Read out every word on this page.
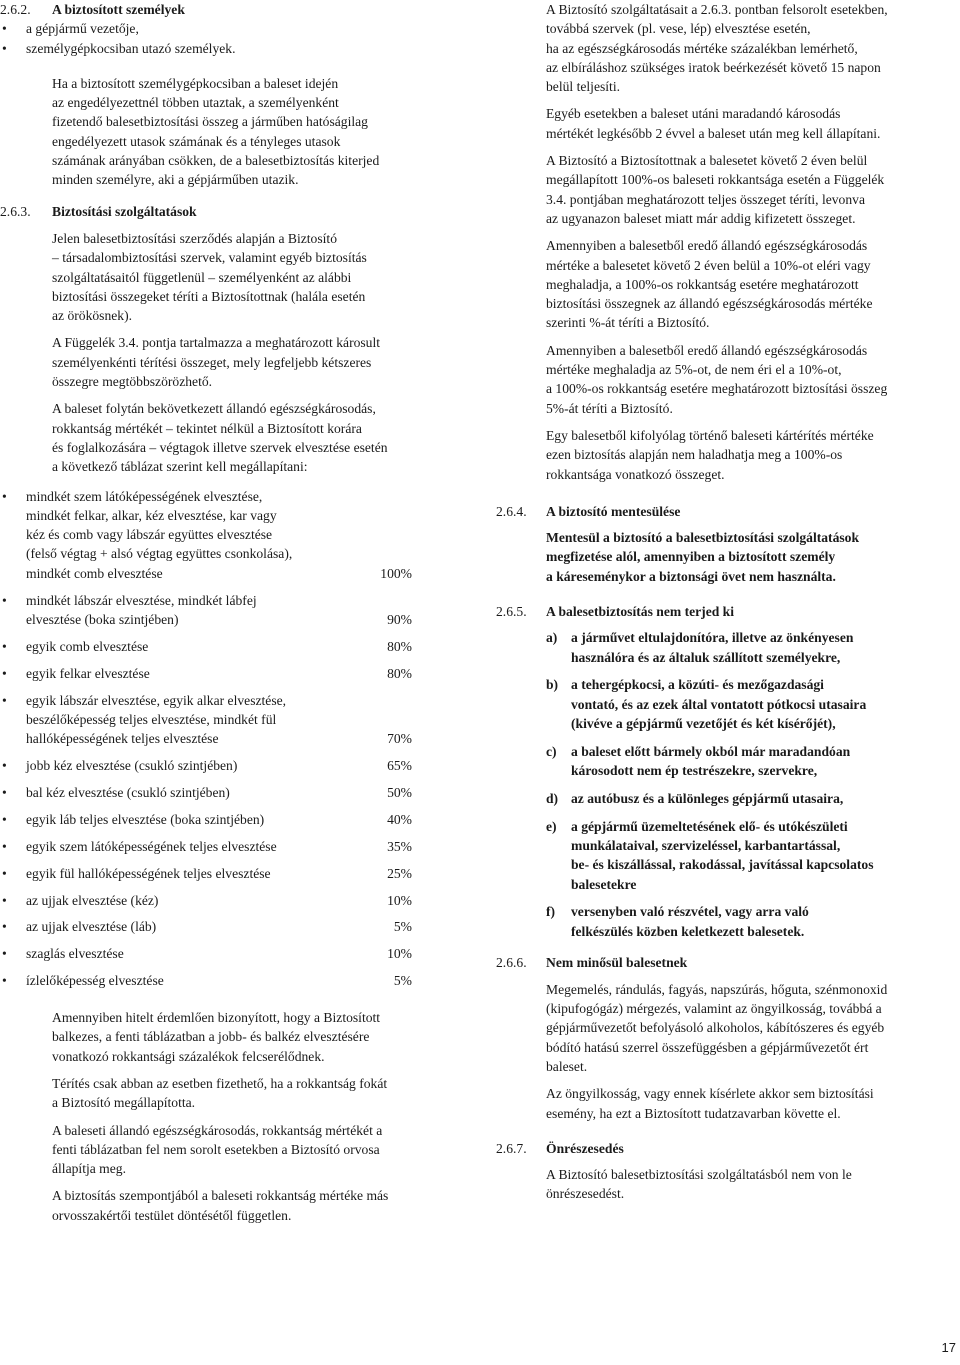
2.6.2. A biztosított személyek

• a gépjármű vezetője,
• személygépkocsiban utazó személyek.

Ha a biztosított személygépkocsiban a baleset idején
az engedélyezettnél többen utaztak, a személyenként
fizetendő balesetbiztosítási összeg a járműben hatóságilag
engedélyezett utasok számának és a tényleges utasok
számának arányában csökken, de a balesetbiztosítás kiterjed
minden személyre, aki a gépjárműben utazik.

2.6.3. Biztosítási szolgáltatások

Jelen balesetbiztosítási szerződés alapján a Biztosító
– társadalombiztosítási szervek, valamint egyéb biztosítás
szolgáltatásaitól függetlenül – személyenként az alábbi
biztosítási összegeket téríti a Biztosítottnak (halála esetén
az örökösnek).

A Függelék 3.4. pontja tartalmazza a meghatározott károsult
személyenkénti térítési összeget, mely legfeljebb kétszeres
összegre megtöbbszörözhető.

A baleset folytán bekövetkezett állandó egészségkárosodás,
rokkantság mértékét – tekintet nélkül a Biztosított korára
és foglalkozására – végtagok illetve szervek elvesztése esetén
a következő táblázat szerint kell megállapítani:

• mindkét szem látóképességének elvesztése,
mindkét felkar, alkar, kéz elvesztése, kar vagy
kéz és comb vagy lábszár együttes elvesztése
(felső végtag + alsó végtag együttes csonkolása),
mindkét comb elvesztése	100%
• mindkét lábszár elvesztése, mindkét lábfej
elvesztése (boka szintjében)	90%
• egyik comb elvesztése	80%
• egyik felkar elvesztése	80%
• egyik lábszár elvesztése, egyik alkar elvesztése,
beszélőképesség teljes elvesztése, mindkét fül
hallóképességének teljes elvesztése	70%
• jobb kéz elvesztése (csukló szintjében)	65%
• bal kéz elvesztése (csukló szintjében)	50%
• egyik láb teljes elvesztése (boka szintjében)	40%
• egyik szem látóképességének teljes elvesztése	35%
• egyik fül hallóképességének teljes elvesztése	25%
• az ujjak elvesztése (kéz)	10%
• az ujjak elvesztése (láb)	5%
• szaglás elvesztése	10%
• ízlelőképesség elvesztése	5%

Amennyiben hitelt érdemlően bizonyított, hogy a Biztosított
balkezes, a fenti táblázatban a jobb- és balkéz elvesztésére
vonatkozó rokkantsági százalékok felcserélődnek.

Térítés csak abban az esetben fizethető, ha a rokkantság fokát
a Biztosító megállapította.

A baleseti állandó egészségkárosodás, rokkantság mértékét a
fenti táblázatban fel nem sorolt esetekben a Biztosító orvosa
állapítja meg.

A biztosítás szempontjából a baleseti rokkantság mértéke más
orvosszakértői testület döntésétől független.

A Biztosító szolgáltatásait a 2.6.3. pontban felsorolt esetekben,
továbbá szervek (pl. vese, lép) elvesztése esetén,
ha az egészségkárosodás mértéke százalékban lemérhető,
az elbíráláshoz szükséges iratok beérkezését követő 15 napon
belül teljesíti.

Egyéb esetekben a baleset utáni maradandó károsodás
mértékét legkésőbb 2 évvel a baleset után meg kell állapítani.

A Biztosító a Biztosítottnak a balesetet követő 2 éven belül
megállapított 100%-os baleseti rokkantsága esetén a Függelék
3.4. pontjában meghatározott teljes összeget téríti, levonva
az ugyanazon baleset miatt már addig kifizetett összeget.

Amennyiben a balesetből eredő állandó egészségkárosodás
mértéke a balesetet követő 2 éven belül a 10%-ot eléri vagy
meghaladja, a 100%-os rokkantság esetére meghatározott
biztosítási összegnek az állandó egészségkárosodás mértéke
szerinti %-át téríti a Biztosító.

Amennyiben a balesetből eredő állandó egészségkárosodás
mértéke meghaladja az 5%-ot, de nem éri el a 10%-ot,
a 100%-os rokkantság esetére meghatározott biztosítási összeg
5%-át téríti a Biztosító.

Egy balesetből kifolyólag történő baleseti kártérítés mértéke
ezen biztosítás alapján nem haladhatja meg a 100%-os
rokkantsága vonatkozó összeget.

2.6.4. A biztosító mentesülése

Mentesül a biztosító a balesetbiztosítási szolgáltatások
megfizetése alól, amennyiben a biztosított személy
a káreseménykor a biztonsági övet nem használta.

2.6.5. A balesetbiztosítás nem terjed ki

a) a járművet eltulajdonítóra, illetve az önkényesen
használóra és az általuk szállított személyekre,
b) a tehergépkocsi, a közúti- és mezőgazdasági
vontató, és az ezek által vontatott pótkocsi utasaira
(kivéve a gépjármű vezetőjét és két kísérőjét),
c) a baleset előtt bármely okból már maradandóan
károsodott nem ép testrészekre, szervekre,
d) az autóbusz és a különleges gépjármű utasaira,
e) a gépjármű üzemeltetésének elő- és utókészületi
munkálataival, szervizeléssel, karbantartással,
be- és kiszállással, rakodással, javítással kapcsolatos
balesetekre
f) versenyben való részvétel, vagy arra való
felkészülés közben keletkezett balesetek.
2.6.6. Nem minősül balesetnek

Megemelés, rándulás, fagyás, napszúrás, hőguta, szénmonoxid
(kipufogógáz) mérgezés, valamint az öngyilkosság, továbbá a
gépjárművezetőt befolyásoló alkoholos, kábítószeres és egyéb
bódító hatású szerrel összefüggésben a gépjárművezetőt ért
baleset.

Az öngyilkosság, vagy ennek kísérlete akkor sem biztosítási
esemény, ha ezt a Biztosított tudatzavarban követte el.

2.6.7. Önrészesedés

A Biztosító balesetbiztosítási szolgáltatásból nem von le
önrészesedést.

17
